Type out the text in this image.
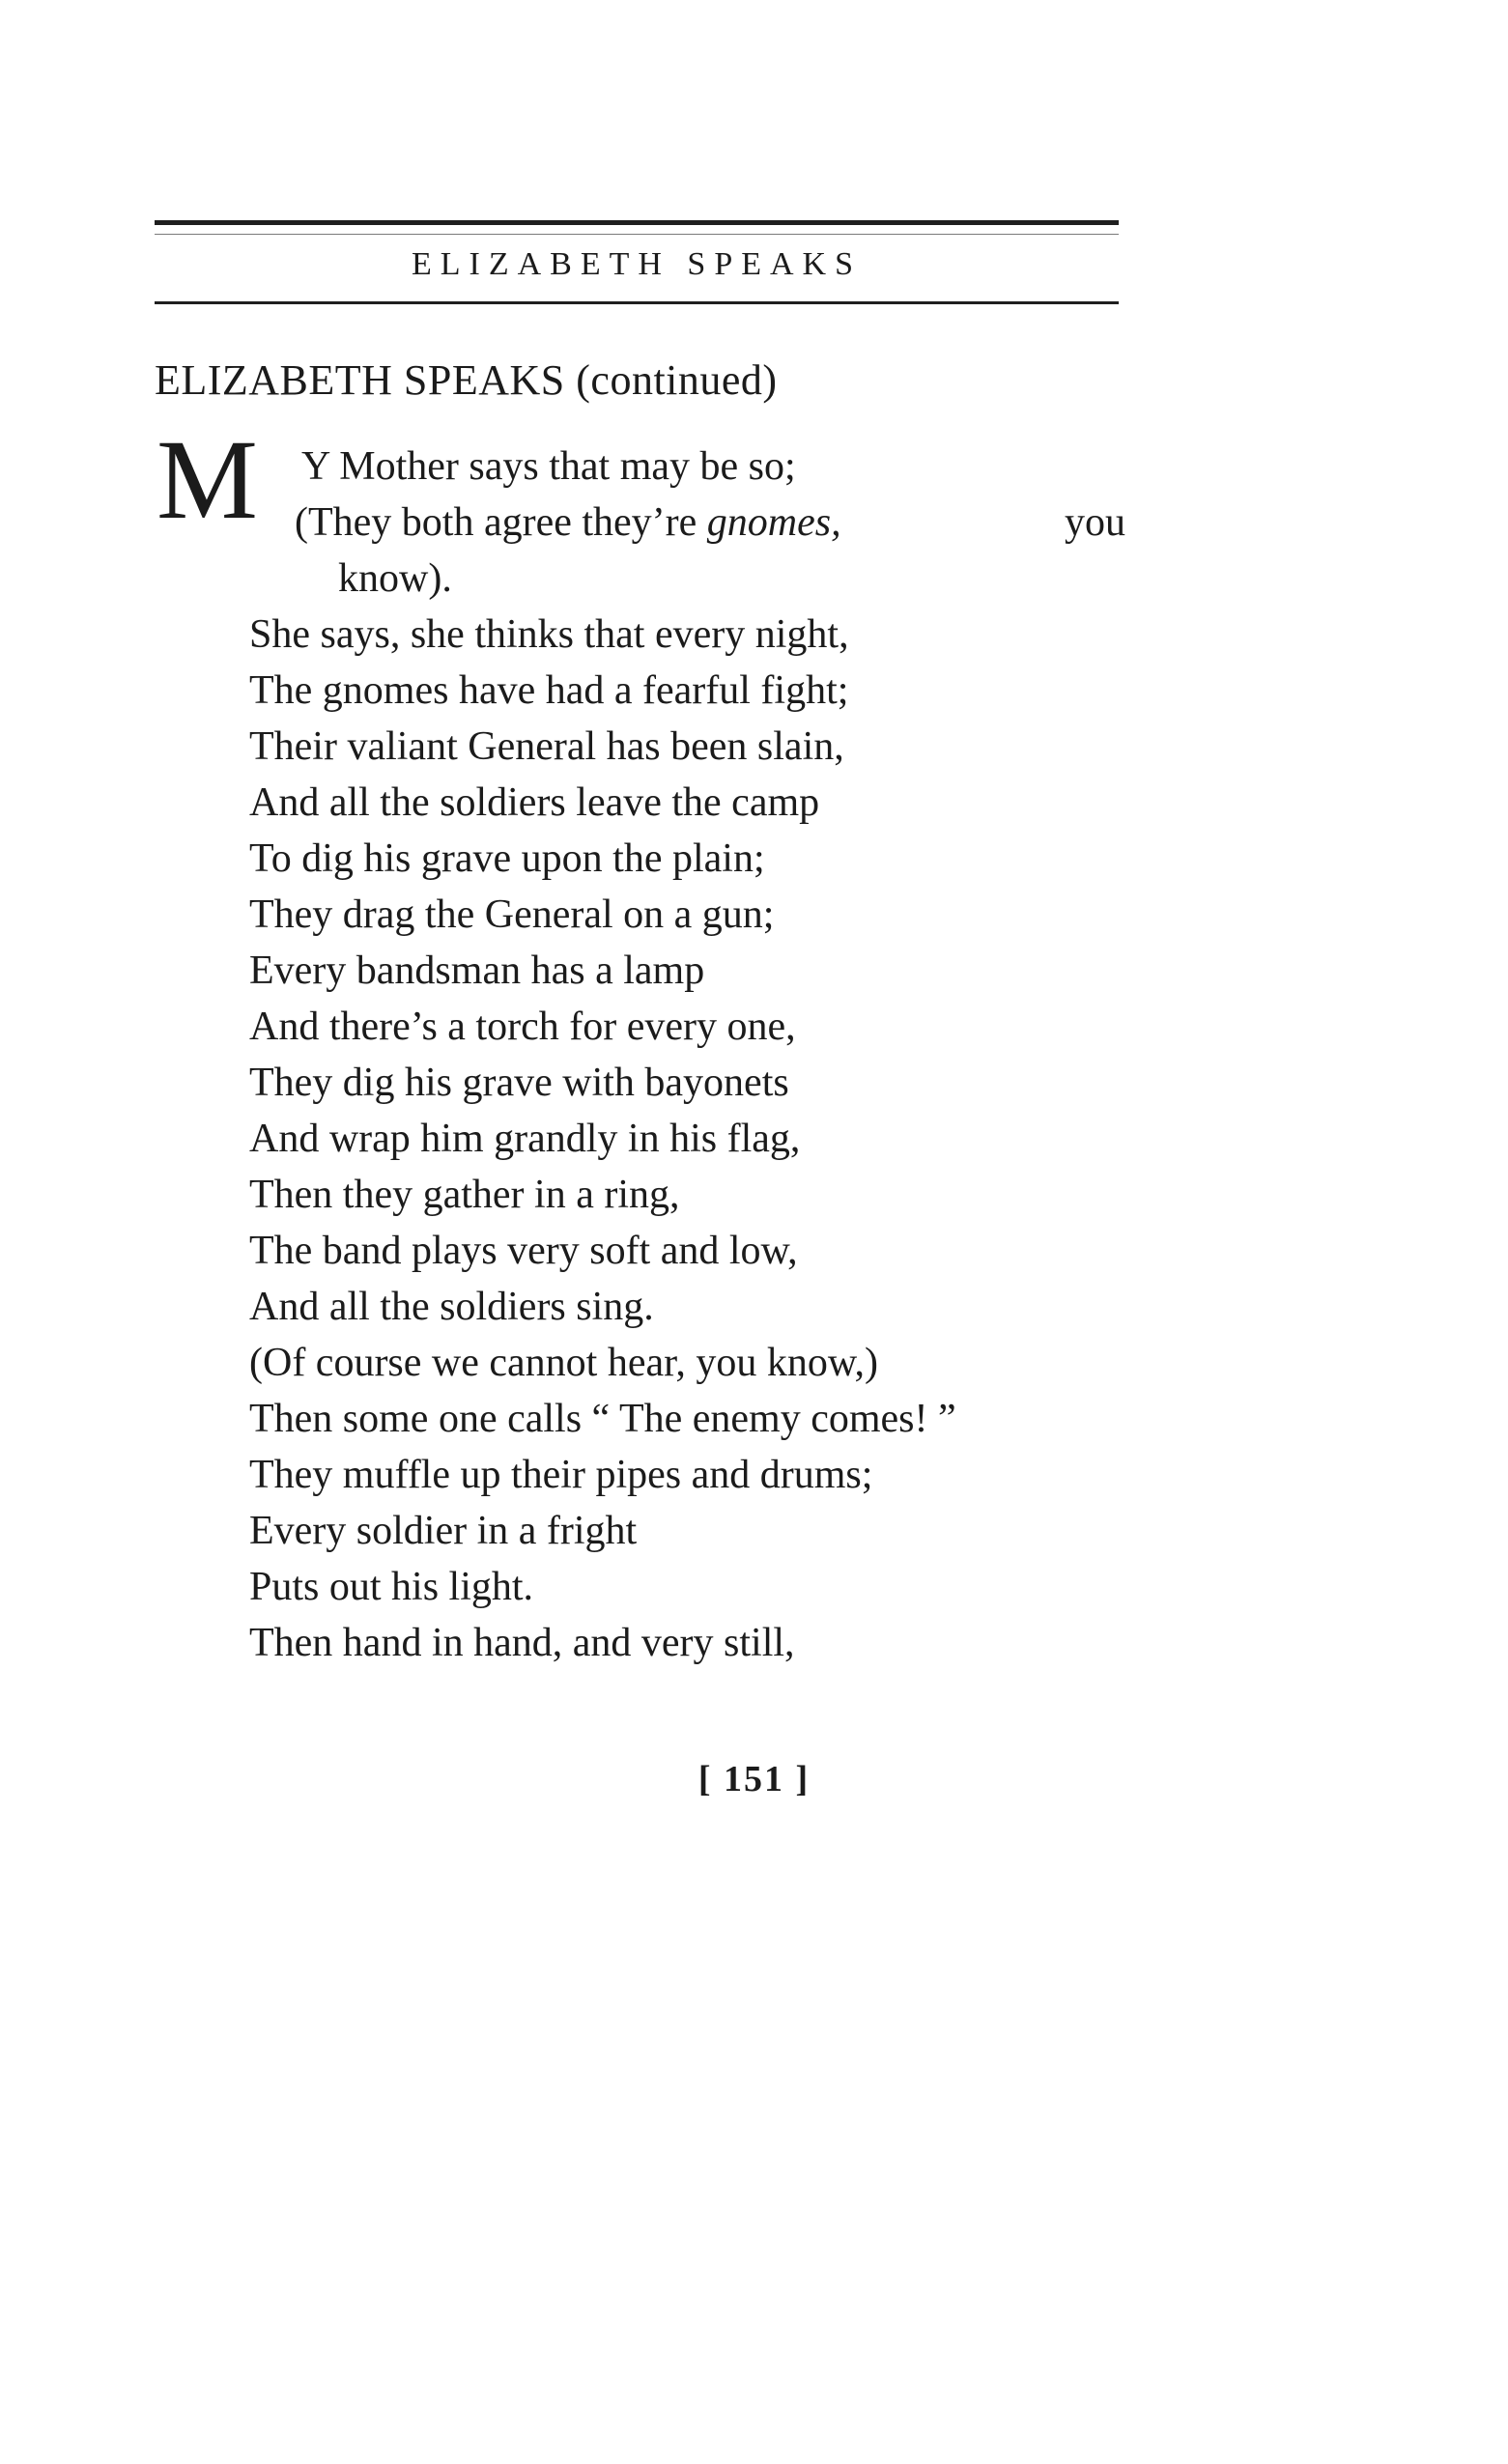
ELIZABETH SPEAKS
ELIZABETH SPEAKS (continued)
M Y Mother says that may be so;
(They both agree they’re gnomes,	you
know).
She says, she thinks that every night,
The gnomes have had a fearful fight;
Their valiant General has been slain,
And all the soldiers leave the camp
To dig his grave upon the plain;
They drag the General on a gun;
Every bandsman has a lamp
And there’s a torch for every one,
They dig his grave with bayonets
And wrap him grandly in his flag,
Then they gather in a ring,
The band plays very soft and low,
And all the soldiers sing.
(Of course we cannot hear, you know,)
Then some one calls “ The enemy comes! ”
They muffle up their pipes and drums;
Every soldier in a fright
Puts out his light.
Then hand in hand, and very still,
[ 151 ]
